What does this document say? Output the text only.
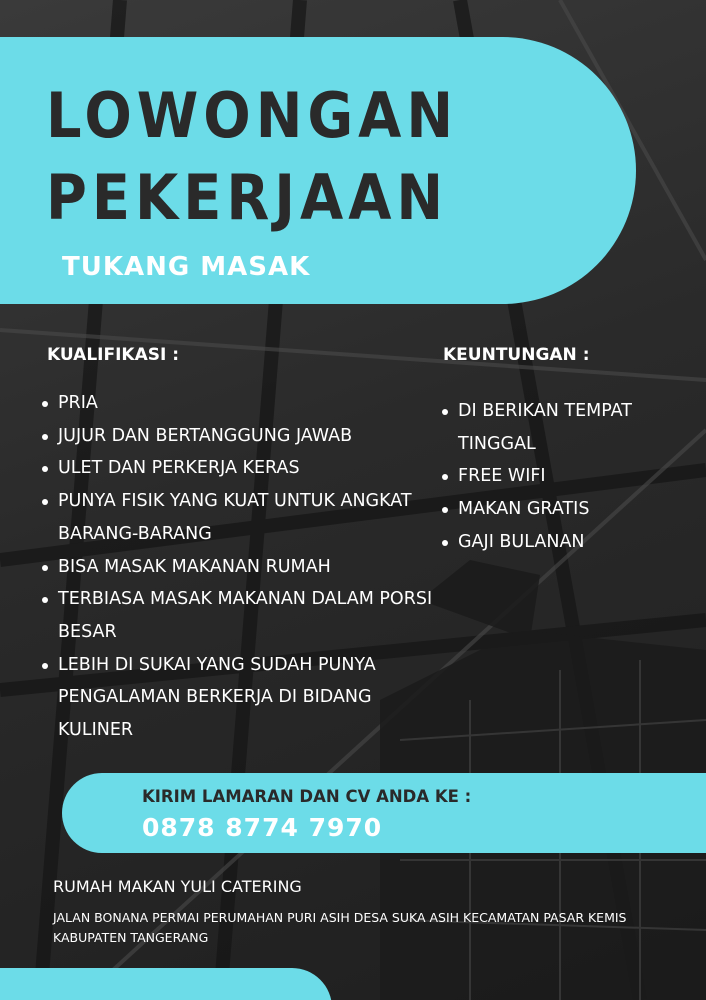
LOWONGAN
PEKERJAAN
TUKANG MASAK
KUALIFIKASI :
PRIA
JUJUR DAN BERTANGGUNG JAWAB
ULET DAN PERKERJA KERAS
PUNYA FISIK YANG KUAT UNTUK ANGKAT BARANG-BARANG
BISA MASAK MAKANAN RUMAH
TERBIASA MASAK MAKANAN DALAM PORSI BESAR
LEBIH DI SUKAI YANG SUDAH PUNYA PENGALAMAN BERKERJA DI BIDANG KULINER
KEUNTUNGAN :
DI BERIKAN TEMPAT TINGGAL
FREE WIFI
MAKAN GRATIS
GAJI BULANAN
KIRIM LAMARAN DAN CV ANDA KE :
0878 8774 7970
RUMAH MAKAN YULI CATERING
JALAN BONANA PERMAI PERUMAHAN PURI ASIH DESA SUKA ASIH KECAMATAN PASAR KEMIS KABUPATEN TANGERANG
